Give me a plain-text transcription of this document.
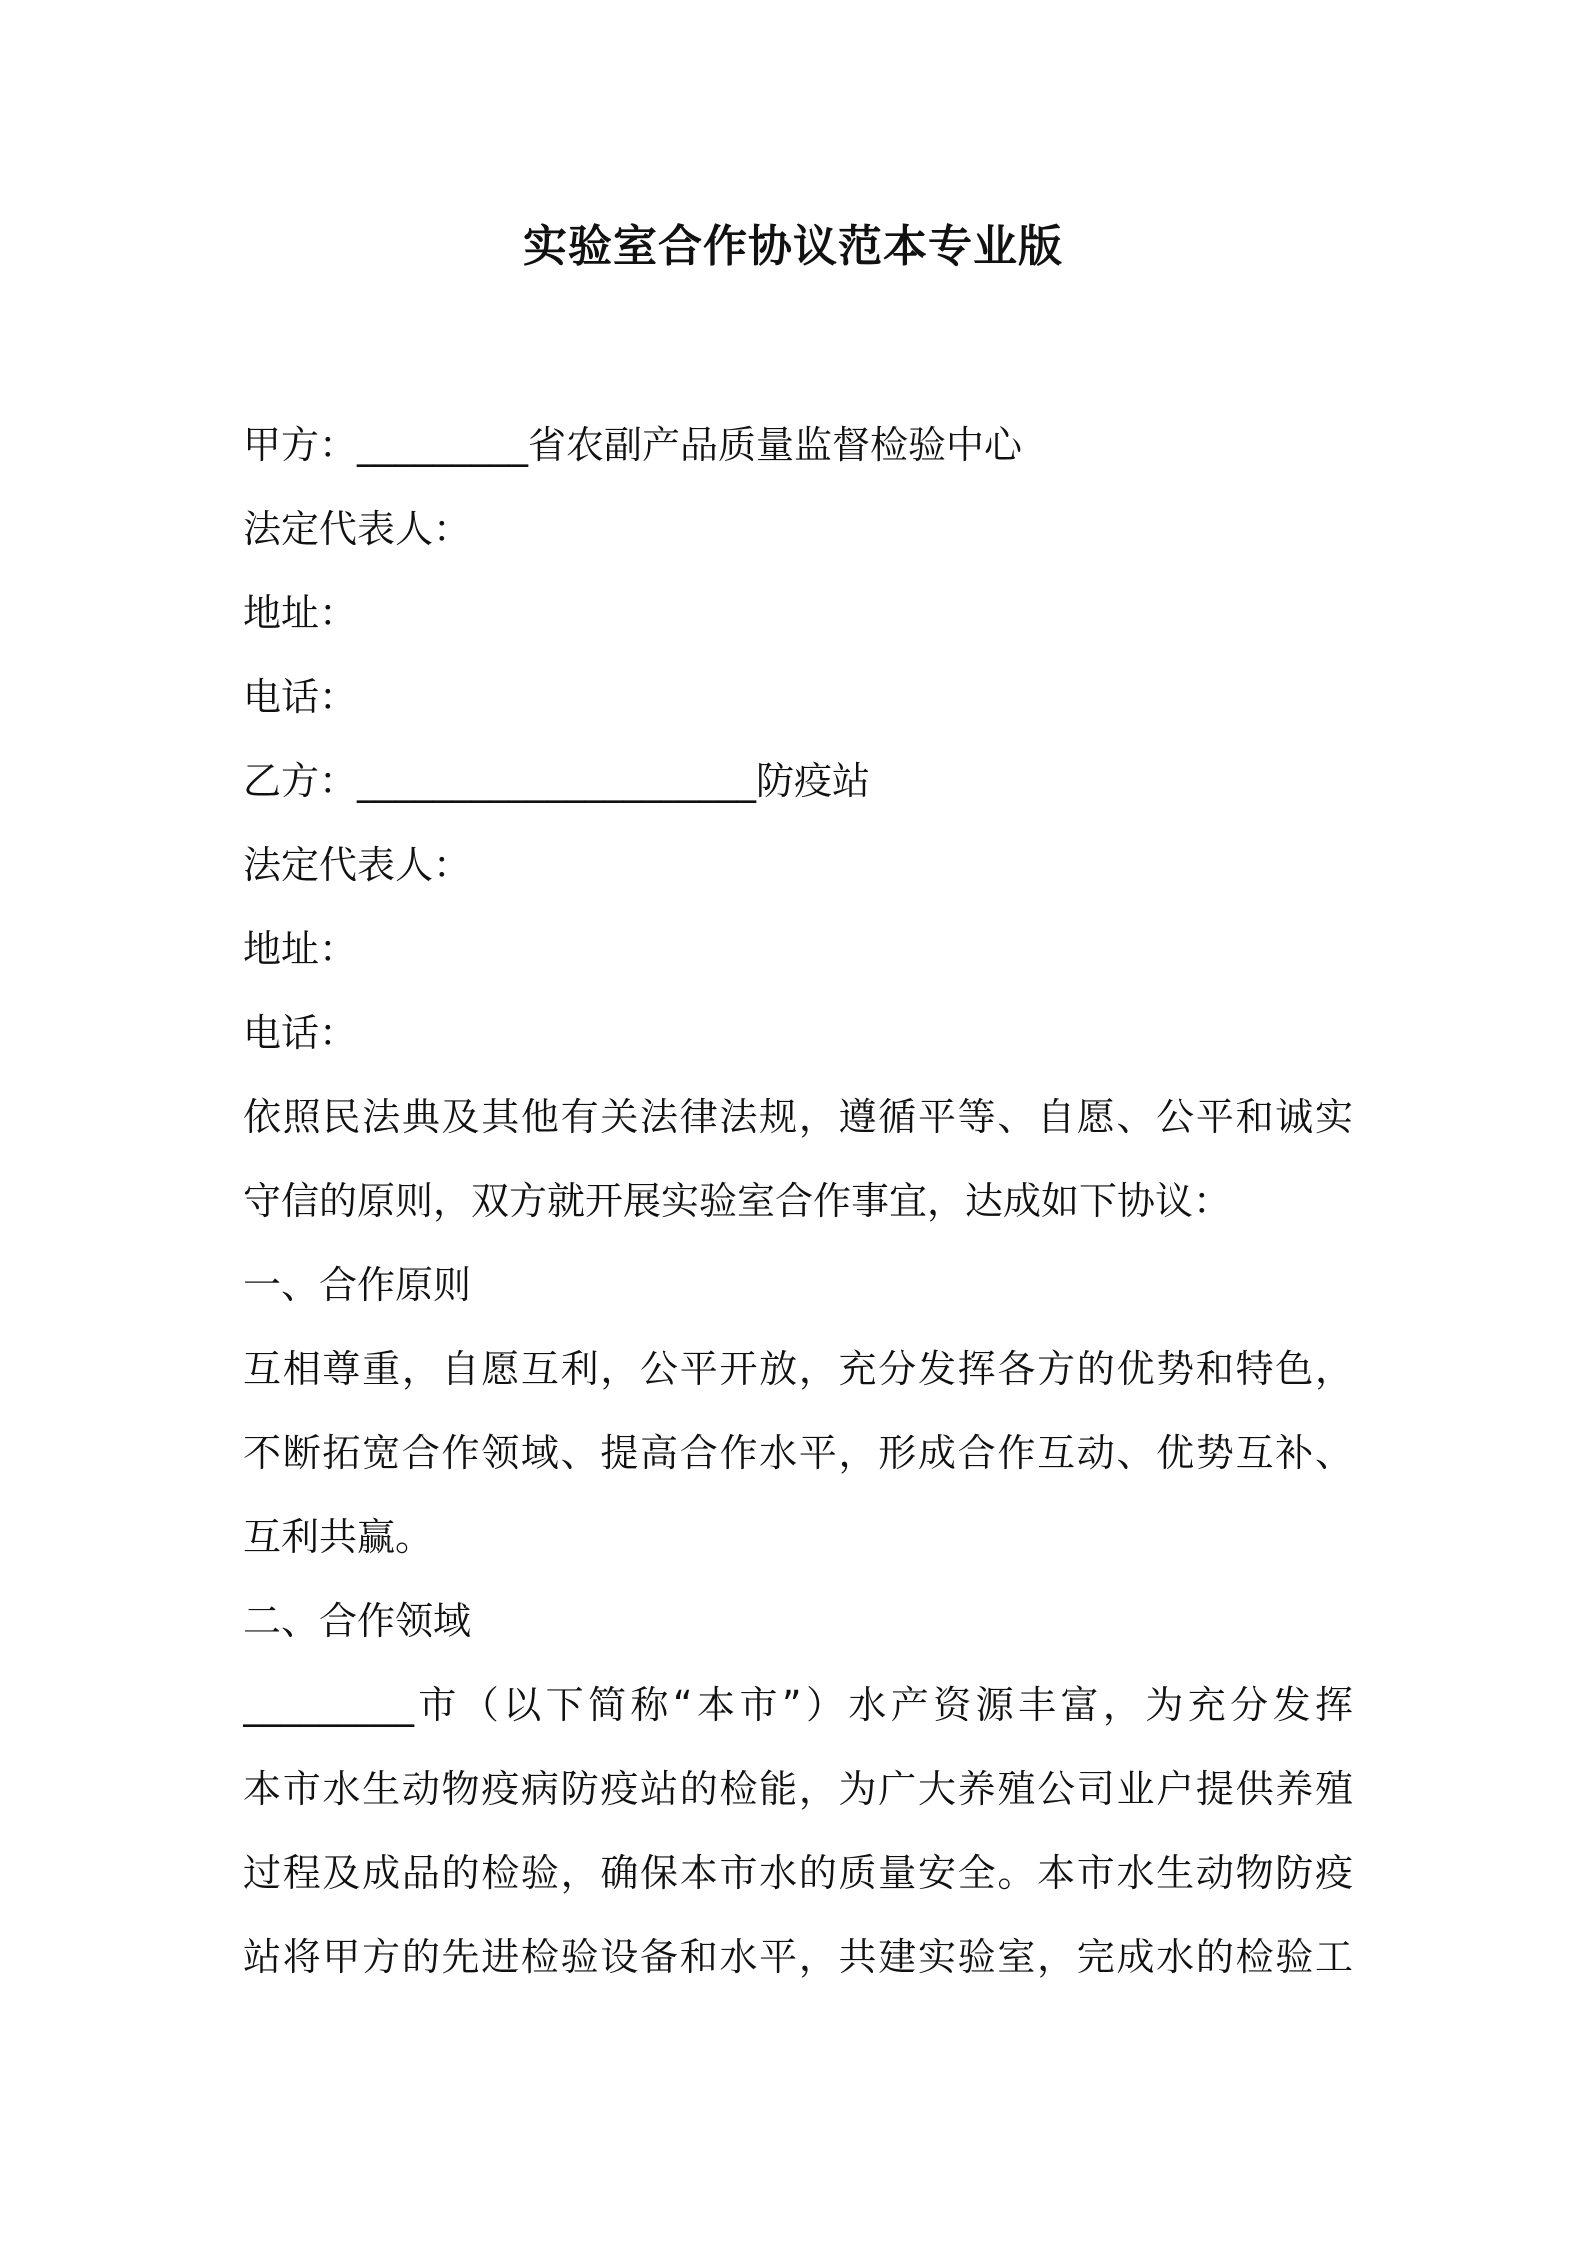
实验室合作协议范本专业版
甲方：_________省农副产品质量监督检验中心
法定代表人：
地址：
电话：
乙方：_____________________防疫站
法定代表人：
地址：
电话：
依照民法典及其他有关法律法规，遵循平等、自愿、公平和诚实
守信的原则，双方就开展实验室合作事宜，达成如下协议：
一、合作原则
互相尊重，自愿互利，公平开放，充分发挥各方的优势和特色，
不断拓宽合作领域、提高合作水平，形成合作互动、优势互补、
互利共赢。
二、合作领域
_________市（以下简称“本市”）水产资源丰富，为充分发挥
本市水生动物疫病防疫站的检能，为广大养殖公司业户提供养殖
过程及成品的检验，确保本市水的质量安全。本市水生动物防疫
站将甲方的先进检验设备和水平，共建实验室，完成水的检验工
